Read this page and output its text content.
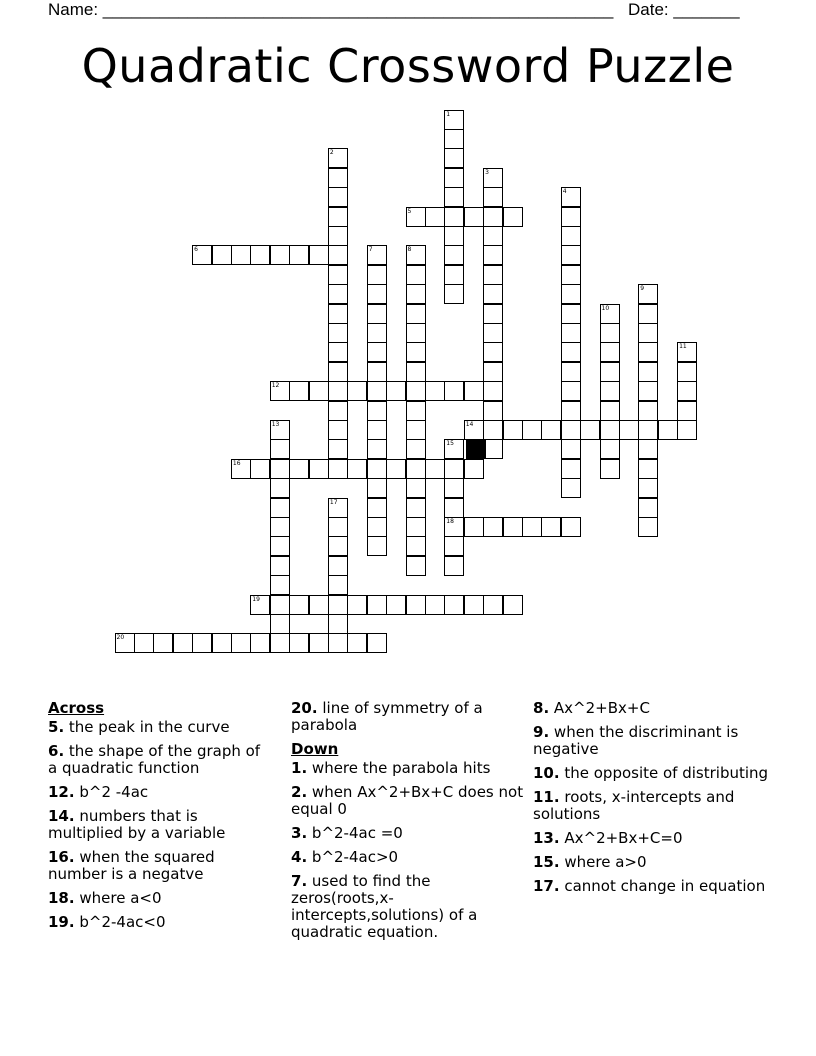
Name: ______________________________________________________ Date: _______
Quadratic Crossword Puzzle
1
2
3
4
5
6	7	8
9
10
11
12
13	14
15
16
17
18
19
20
Across
5. the peak in the curve
6. the shape of the graph of a quadratic function
12. b^2 -4ac
14. numbers that is multiplied by a variable
16. when the squared number is a negatve
18. where a<0
19. b^2-4ac<0
20. line of symmetry of a parabola
Down
1. where the parabola hits
2. when Ax^2+Bx+C does not equal 0
3. b^2-4ac =0
4. b^2-4ac>0
7. used to find the zeros(roots,x-intercepts,solutions) of a quadratic equation.
8. Ax^2+Bx+C
9. when the discriminant is negative
10. the opposite of distributing
11. roots, x-intercepts and solutions
13. Ax^2+Bx+C=0
15. where a>0
17. cannot change in equation
